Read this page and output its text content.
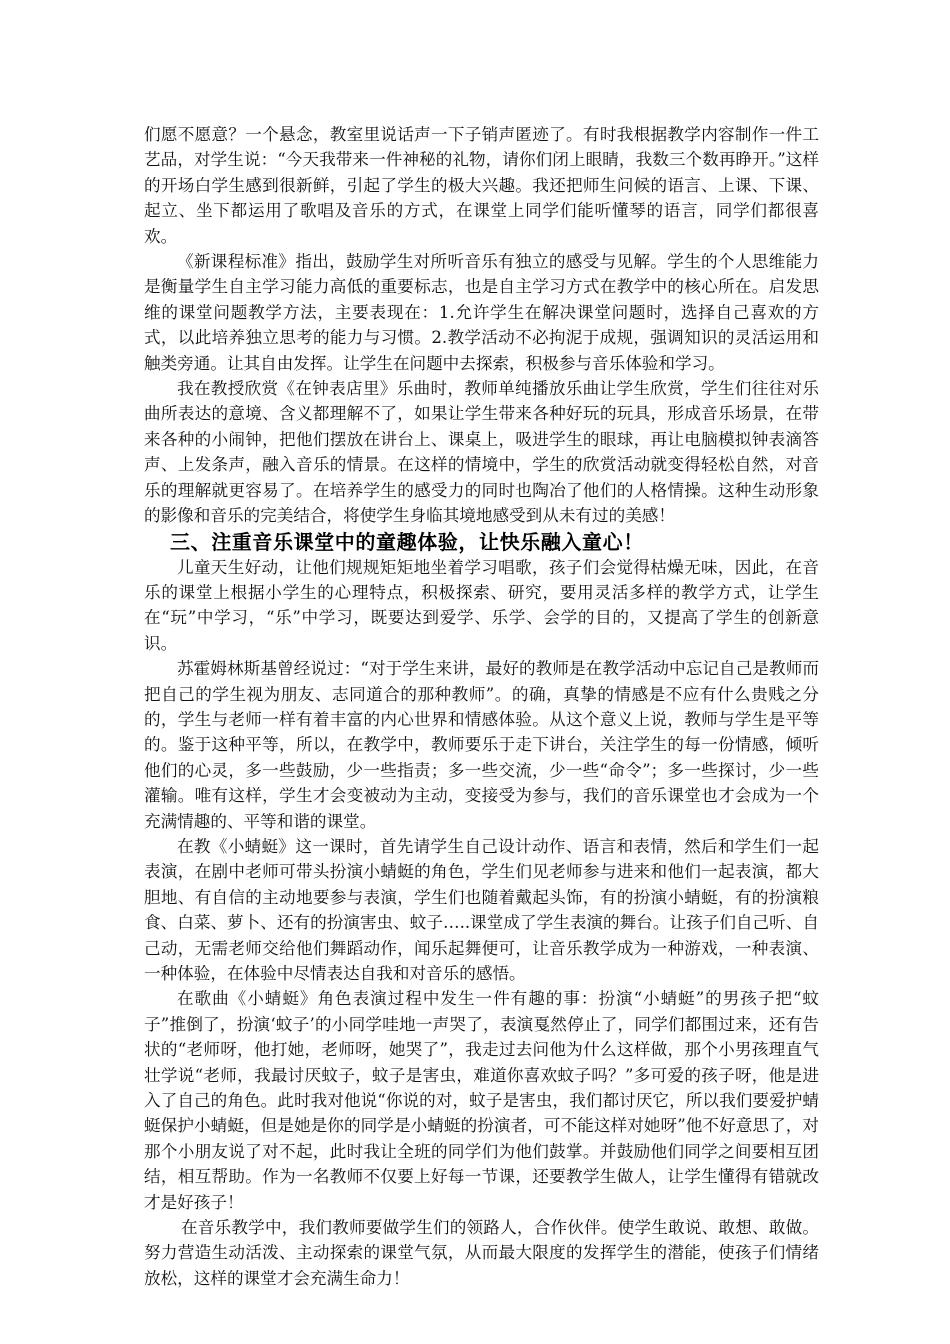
们愿不愿意？一个悬念，教室里说话声一下子销声匿迹了。有时我根据教学内容制作一件工艺品，对学生说：“今天我带来一件神秘的礼物，请你们闭上眼睛，我数三个数再睁开。”这样的开场白学生感到很新鲜，引起了学生的极大兴趣。我还把师生问候的语言、上课、下课、起立、坐下都运用了歌唱及音乐的方式，在课堂上同学们能听懂琴的语言，同学们都很喜欢。

《新课程标准》指出，鼓励学生对所听音乐有独立的感受与见解。学生的个人思维能力是衡量学生自主学习能力高低的重要标志，也是自主学习方式在教学中的核心所在。启发思维的课堂问题教学方法，主要表现在：1.允许学生在解决课堂问题时，选择自己喜欢的方式，以此培养独立思考的能力与习惯。2.教学活动不必拘泥于成规，强调知识的灵活运用和触类旁通。让其自由发挥。让学生在问题中去探索，积极参与音乐体验和学习。

我在教授欣赏《在钟表店里》乐曲时，教师单纯播放乐曲让学生欣赏，学生们往往对乐曲所表达的意境、含义都理解不了，如果让学生带来各种好玩的玩具，形成音乐场景，在带来各种的小闹钟，把他们摆放在讲台上、课桌上，吸进学生的眼球，再让电脑模拟钟表滴答声、上发条声，融入音乐的情景。在这样的情境中，学生的欣赏活动就变得轻松自然，对音乐的理解就更容易了。在培养学生的感受力的同时也陶冶了他们的人格情操。这种生动形象的影像和音乐的完美结合，将使学生身临其境地感受到从未有过的美感！

三、注重音乐课堂中的童趣体验，让快乐融入童心！

儿童天生好动，让他们规规矩矩地坐着学习唱歌，孩子们会觉得枯燥无味，因此，在音乐的课堂上根据小学生的心理特点，积极探索、研究，要用灵活多样的教学方式，让学生在“玩”中学习，“乐”中学习，既要达到爱学、乐学、会学的目的，又提高了学生的创新意识。

苏霍姆林斯基曾经说过：“对于学生来讲，最好的教师是在教学活动中忘记自己是教师而把自己的学生视为朋友、志同道合的那种教师”。的确，真挚的情感是不应有什么贵贱之分的，学生与老师一样有着丰富的内心世界和情感体验。从这个意义上说，教师与学生是平等的。鉴于这种平等，所以，在教学中，教师要乐于走下讲台，关注学生的每一份情感，倾听他们的心灵，多一些鼓励，少一些指责；多一些交流，少一些“命令”；多一些探讨，少一些灌输。唯有这样，学生才会变被动为主动，变接受为参与，我们的音乐课堂也才会成为一个充满情趣的、平等和谐的课堂。

在教《小蜻蜓》这一课时，首先请学生自己设计动作、语言和表情，然后和学生们一起表演，在剧中老师可带头扮演小蜻蜓的角色，学生们见老师参与进来和他们一起表演，都大胆地、有自信的主动地要参与表演，学生们也随着戴起头饰，有的扮演小蜻蜓，有的扮演粮食、白菜、萝卜、还有的扮演害虫、蚊子…..课堂成了学生表演的舞台。让孩子们自己听、自己动，无需老师交给他们舞蹈动作，闻乐起舞便可，让音乐教学成为一种游戏，一种表演、一种体验，在体验中尽情表达自我和对音乐的感悟。

在歌曲《小蜻蜓》角色表演过程中发生一件有趣的事：扮演“小蜻蜓”的男孩子把“蚊子”推倒了，扮演‘蚊子’的小同学哇地一声哭了，表演戛然停止了，同学们都围过来，还有告状的“老师呀，他打她，老师呀，她哭了”，我走过去问他为什么这样做，那个小男孩理直气壮学说“老师，我最讨厌蚊子，蚊子是害虫，难道你喜欢蚊子吗？”多可爱的孩子呀，他是进入了自己的角色。此时我对他说“你说的对，蚊子是害虫，我们都讨厌它，所以我们要爱护蜻蜓保护小蜻蜓，但是她是你的同学是小蜻蜓的扮演者，可不能这样对她呀”他不好意思了，对那个小朋友说了对不起，此时我让全班的同学们为他们鼓掌。并鼓励他们同学之间要相互团结，相互帮助。作为一名教师不仅要上好每一节课，还要教学生做人，让学生懂得有错就改才是好孩子！

在音乐教学中，我们教师要做学生们的领路人，合作伙伴。使学生敢说、敢想、敢做。努力营造生动活泼、主动探索的课堂气氛，从而最大限度的发挥学生的潜能，使孩子们情绪放松，这样的课堂才会充满生命力！
